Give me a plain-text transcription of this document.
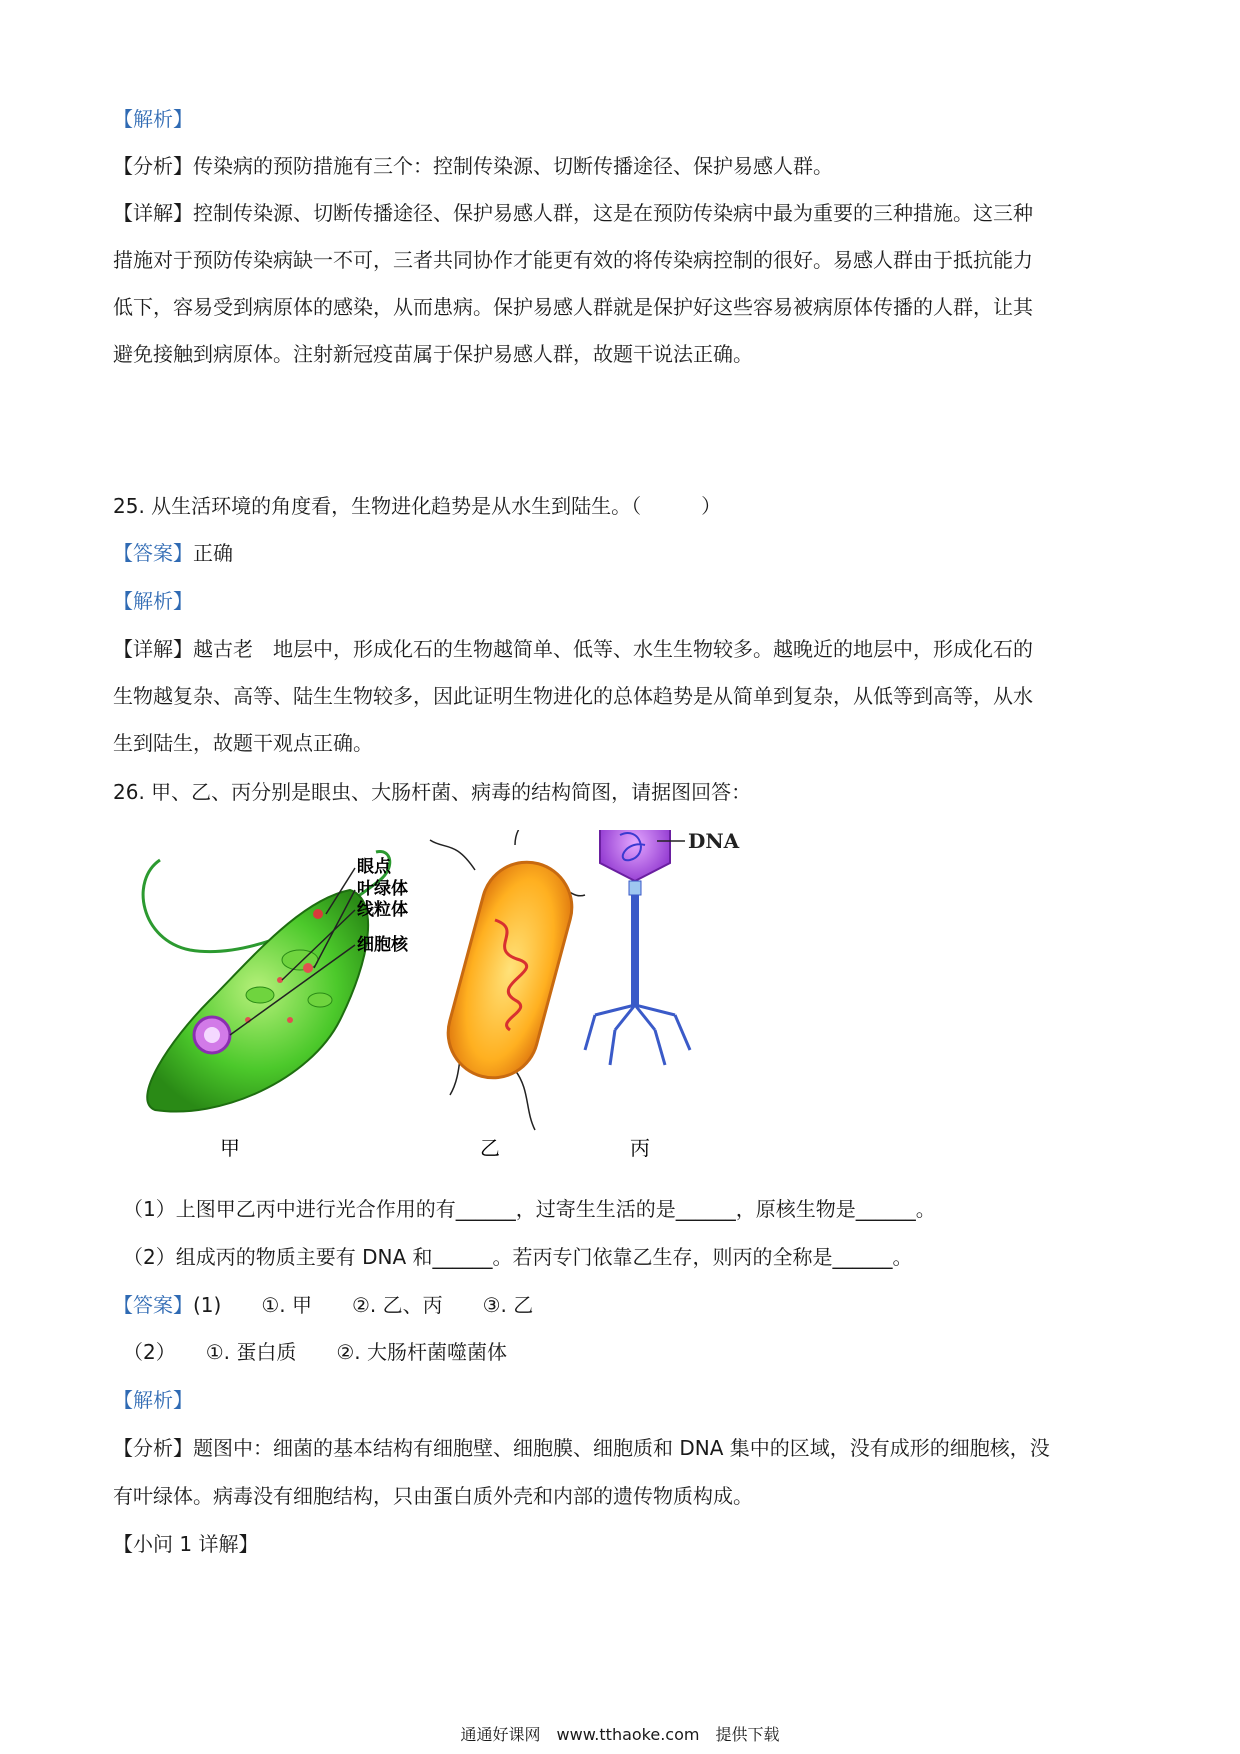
【解析】
【分析】传染病的预防措施有三个：控制传染源、切断传播途径、保护易感人群。
【详解】控制传染源、切断传播途径、保护易感人群，这是在预防传染病中最为重要的三种措施。这三种
措施对于预防传染病缺一不可，三者共同协作才能更有效的将传染病控制的很好。易感人群由于抵抗能力
低下，容易受到病原体的感染，从而患病。保护易感人群就是保护好这些容易被病原体传播的人群，让其
避免接触到病原体。注射新冠疫苗属于保护易感人群，故题干说法正确。
25. 从生活环境的角度看，生物进化趋势是从水生到陆生。（　　　）
【答案】正确
【解析】
【详解】越古老　地层中，形成化石的生物越简单、低等、水生生物较多。越晚近的地层中，形成化石的
生物越复杂、高等、陆生生物较多，因此证明生物进化的总体趋势是从简单到复杂，从低等到高等，从水
生到陆生，故题干观点正确。
26. 甲、乙、丙分别是眼虫、大肠杆菌、病毒的结构简图，请据图回答：
眼点
叶绿体
线粒体
细胞核
DNA
甲	乙	丙
（1）上图甲乙丙中进行光合作用的有______，过寄生生活的是______，原核生物是______。
（2）组成丙的物质主要有 DNA 和______。若丙专门依靠乙生存，则丙的全称是______。
【答案】(1)　　①. 甲　　②. 乙、丙　　③. 乙
（2）　　①. 蛋白质　　②. 大肠杆菌噬菌体
【解析】
【分析】题图中：细菌的基本结构有细胞壁、细胞膜、细胞质和 DNA 集中的区域，没有成形的细胞核，没
有叶绿体。病毒没有细胞结构，只由蛋白质外壳和内部的遗传物质构成。
【小问 1 详解】
通通好课网　www.tthaoke.com　提供下载
